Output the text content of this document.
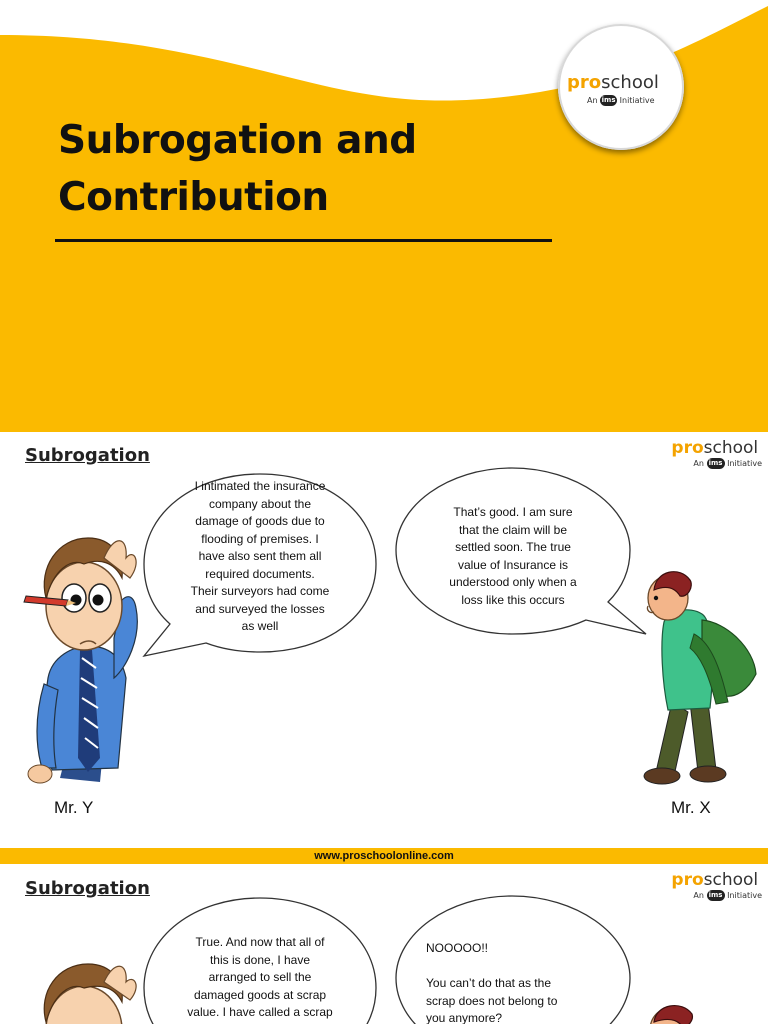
Subrogation and
Contribution
proschool
An ims Initiative
Subrogation	proschool
An ims Initiative
I intimated the insurance
company about the
damage of goods due to
flooding of premises. I
have also sent them all
required documents.
Their surveyors had come
and surveyed the losses
as well
That’s good. I am sure
that the claim will be
settled soon. The true
value of Insurance is
understood only when a
loss like this occurs
Mr. Y	Mr. X
www.proschoolonline.com
Subrogation	proschool
An ims Initiative
True. And now that all of
this is done, I have
arranged to sell the
damaged goods at scrap
value. I have called a scrap
NOOOOO!!
You can’t do that as the
scrap does not belong to
you anymore?
